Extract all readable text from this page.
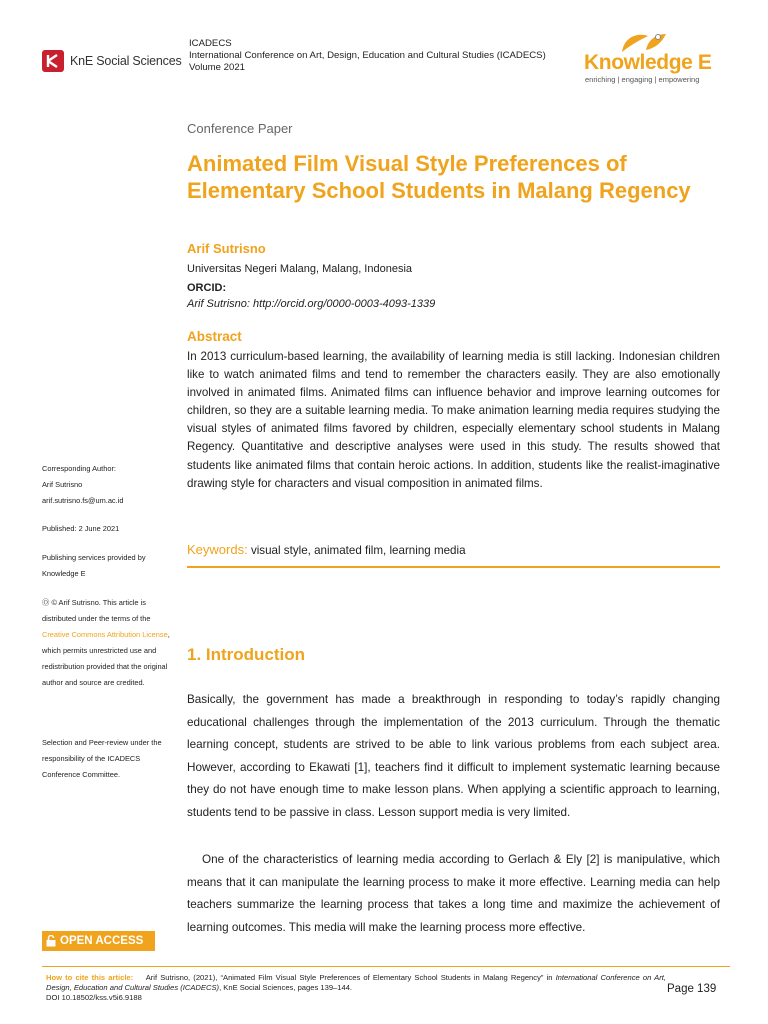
KnE Social Sciences
ICADECS
International Conference on Art, Design, Education and Cultural Studies (ICADECS)
Volume 2021	Knowledge E
enriching | engaging | empowering
Conference Paper
Animated Film Visual Style Preferences of Elementary School Students in Malang Regency
Arif Sutrisno
Universitas Negeri Malang, Malang, Indonesia
ORCID:
Arif Sutrisno: http://orcid.org/0000-0003-4093-1339
Abstract
In 2013 curriculum-based learning, the availability of learning media is still lacking. Indonesian children like to watch animated films and tend to remember the characters easily. They are also emotionally involved in animated films. Animated films can influence behavior and improve learning outcomes for children, so they are a suitable learning media. To make animation learning media requires studying the visual styles of animated films favored by children, especially elementary school students in Malang Regency. Quantitative and descriptive analyses were used in this study. The results showed that students like animated films that contain heroic actions. In addition, students like the realist-imaginative drawing style for characters and visual composition in animated films.
Keywords: visual style, animated film, learning media
1. Introduction
Basically, the government has made a breakthrough in responding to today’s rapidly changing educational challenges through the implementation of the 2013 curriculum. Through the thematic learning concept, students are strived to be able to link various problems from each subject area. However, according to Ekawati [1], teachers find it difficult to implement systematic learning because they do not have enough time to make lesson plans. When applying a scientific approach to learning, students tend to be passive in class. Lesson support media is very limited.
One of the characteristics of learning media according to Gerlach & Ely [2] is manipulative, which means that it can manipulate the learning process to make it more effective. Learning media can help teachers summarize the learning process that takes a long time and maximize the achievement of learning outcomes. This media will make the learning process more effective.
Corresponding Author:
Arif Sutrisno
arif.sutrisno.fs@um.ac.id
Published: 2 June 2021
Publishing services provided by Knowledge E
Ⓞ © Arif Sutrisno. This article is distributed under the terms of the Creative Commons Attribution License, which permits unrestricted use and redistribution provided that the original author and source are credited.
Selection and Peer-review under the responsibility of the ICADECS Conference Committee.
OPEN ACCESS
How to cite this article: Arif Sutrisno, (2021), “Animated Film Visual Style Preferences of Elementary School Students in Malang Regency” in International Conference on Art, Design, Education and Cultural Studies (ICADECS), KnE Social Sciences, pages 139–144.
DOI 10.18502/kss.v5i6.9188
Page 139
